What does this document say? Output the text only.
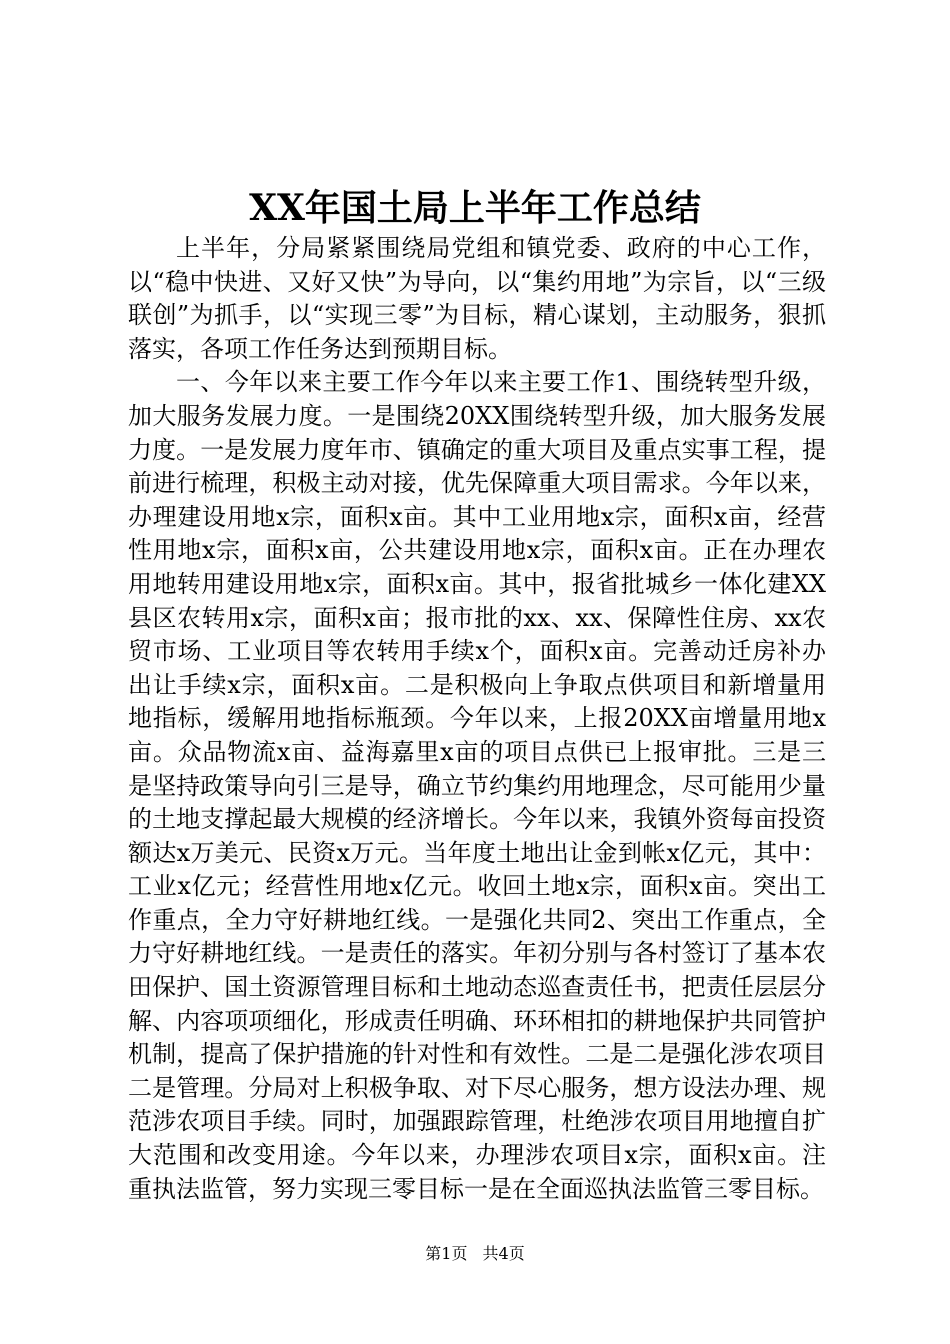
XX年国土局上半年工作总结

上半年，分局紧紧围绕局党组和镇党委、政府的中心工作，以“稳中快进、又好又快”为导向，以“集约用地”为宗旨，以“三级联创”为抓手，以“实现三零”为目标，精心谋划，主动服务，狠抓落实，各项工作任务达到预期目标。

一、今年以来主要工作今年以来主要工作1、围绕转型升级，加大服务发展力度。一是围绕20XX围绕转型升级，加大服务发展力度。一是发展力度年市、镇确定的重大项目及重点实事工程，提前进行梳理，积极主动对接，优先保障重大项目需求。今年以来，办理建设用地x宗，面积x亩。其中工业用地x宗，面积x亩，经营性用地x宗，面积x亩，公共建设用地x宗，面积x亩。正在办理农用地转用建设用地x宗，面积x亩。其中，报省批城乡一体化建XX县区农转用x宗，面积x亩；报市批的xx、xx、保障性住房、xx农贸市场、工业项目等农转用手续x个，面积x亩。完善动迁房补办出让手续x宗，面积x亩。二是积极向上争取点供项目和新增量用地指标，缓解用地指标瓶颈。今年以来，上报20XX亩增量用地x亩。众品物流x亩、益海嘉里x亩的项目点供已上报审批。三是三是坚持政策导向引三是导，确立节约集约用地理念，尽可能用少量的土地支撑起最大规模的经济增长。今年以来，我镇外资每亩投资额达x万美元、民资x万元。当年度土地出让金到帐x亿元，其中：工业x亿元；经营性用地x亿元。收回土地x宗，面积x亩。突出工作重点，全力守好耕地红线。一是强化共同2、突出工作重点，全力守好耕地红线。一是责任的落实。年初分别与各村签订了基本农田保护、国土资源管理目标和土地动态巡查责任书，把责任层层分解、内容项项细化，形成责任明确、环环相扣的耕地保护共同管护机制，提高了保护措施的针对性和有效性。二是二是强化涉农项目二是管理。分局对上积极争取、对下尽心服务，想方设法办理、规范涉农项目手续。同时，加强跟踪管理，杜绝涉农项目用地擅自扩大范围和改变用途。今年以来，办理涉农项目x宗，面积x亩。注重执法监管，努力实现三零目标一是在全面巡执法监管三零目标。

第1页 共4页
